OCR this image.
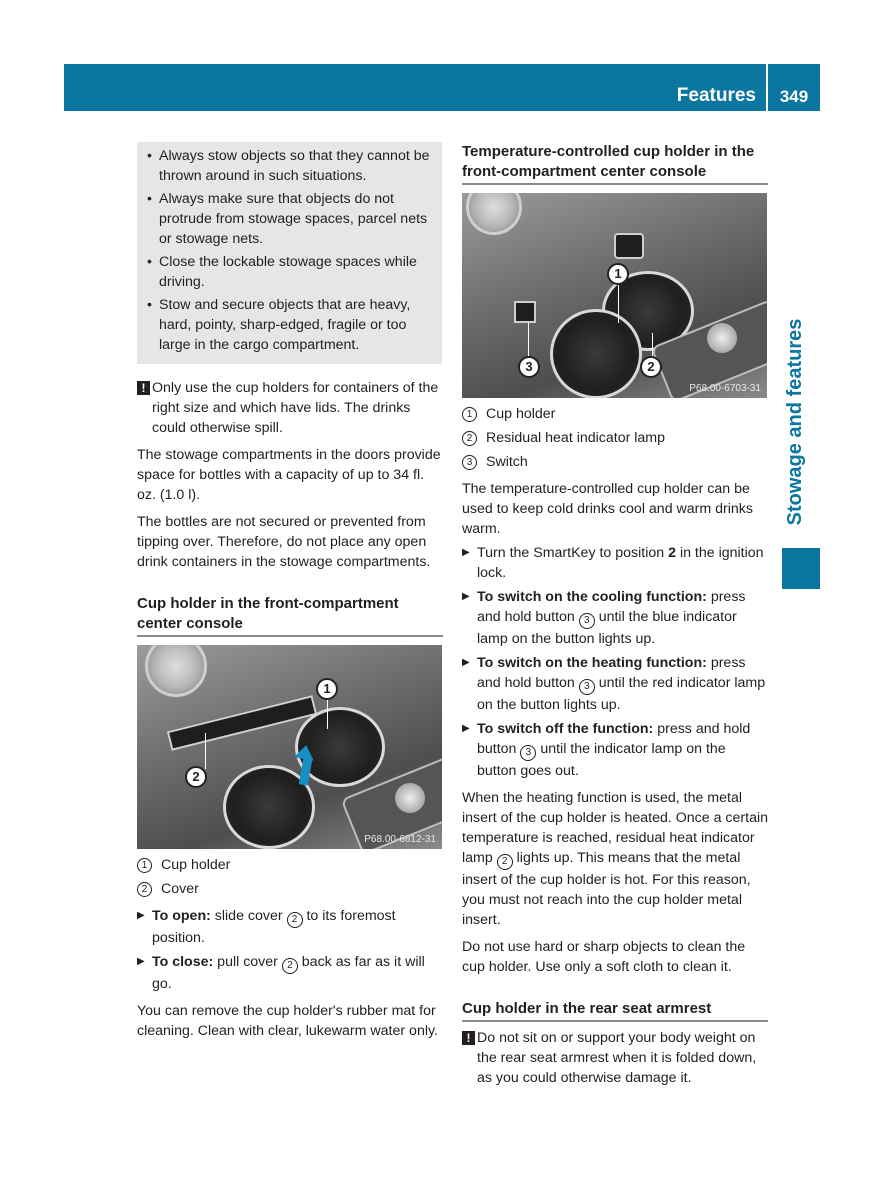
Features	349
Stowage and features
• Always stow objects so that they cannot be thrown around in such situations.
• Always make sure that objects do not protrude from stowage spaces, parcel nets or stowage nets.
• Close the lockable stowage spaces while driving.
• Stow and secure objects that are heavy, hard, pointy, sharp-edged, fragile or too large in the cargo compartment.
! Only use the cup holders for containers of the right size and which have lids. The drinks could otherwise spill.

The stowage compartments in the doors provide space for bottles with a capacity of up to 34 fl. oz. (1.0 l).

The bottles are not secured or prevented from tipping over. Therefore, do not place any open drink containers in the stowage compartments.

Cup holder in the front-compartment center console
1
2
P68.00-6812-31
1 Cup holder
2 Cover
▶ To open: slide cover 2 to its foremost position.
▶ To close: pull cover 2 back as far as it will go.

You can remove the cup holder's rubber mat for cleaning. Clean with clear, lukewarm water only.

Temperature-controlled cup holder in the front-compartment center console
1
2
3
P68.00-6703-31
1 Cup holder
2 Residual heat indicator lamp
3 Switch

The temperature-controlled cup holder can be used to keep cold drinks cool and warm drinks warm.

▶ Turn the SmartKey to position 2 in the ignition lock.
▶ To switch on the cooling function: press and hold button 3 until the blue indicator lamp on the button lights up.
▶ To switch on the heating function: press and hold button 3 until the red indicator lamp on the button lights up.
▶ To switch off the function: press and hold button 3 until the indicator lamp on the button goes out.

When the heating function is used, the metal insert of the cup holder is heated. Once a certain temperature is reached, residual heat indicator lamp 2 lights up. This means that the metal insert of the cup holder is hot. For this reason, you must not reach into the cup holder metal insert.

Do not use hard or sharp objects to clean the cup holder. Use only a soft cloth to clean it.

Cup holder in the rear seat armrest
! Do not sit on or support your body weight on the rear seat armrest when it is folded down, as you could otherwise damage it.
